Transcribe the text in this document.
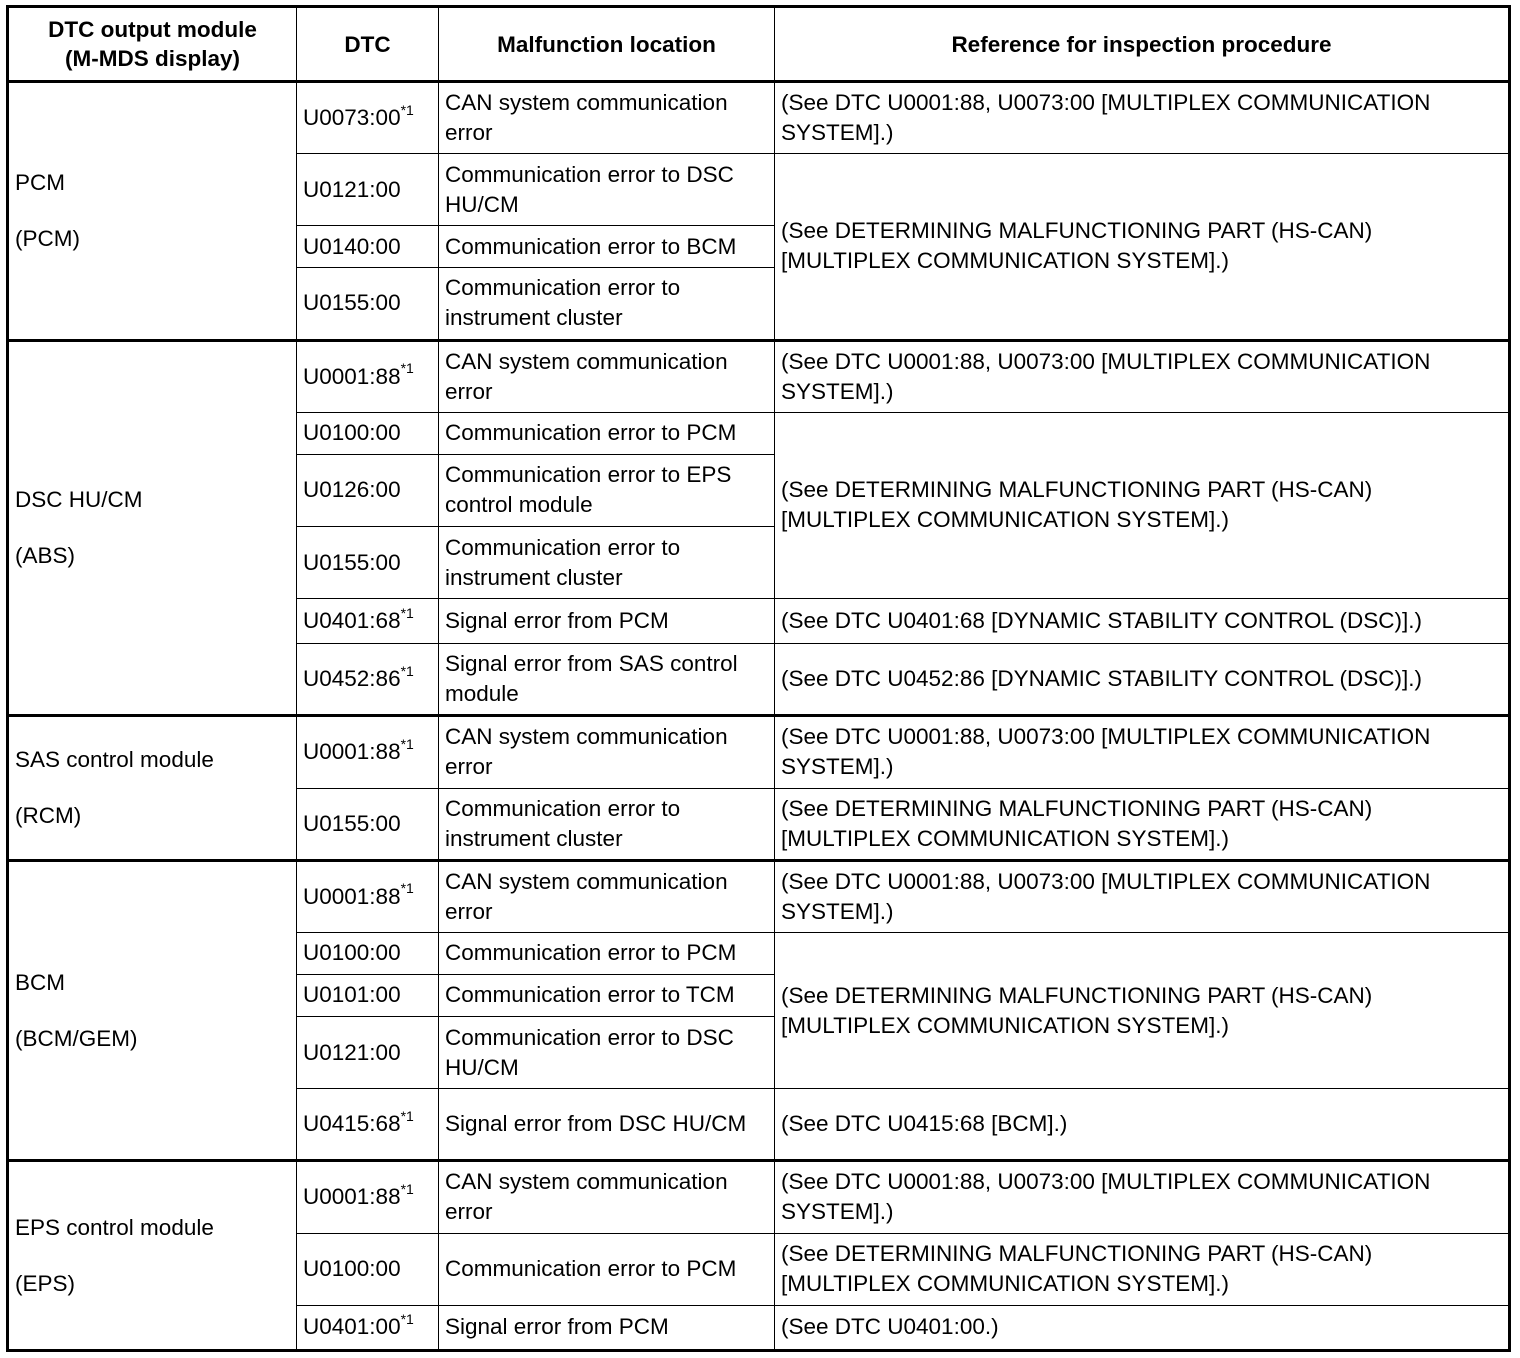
DTC output module
(M-MDS display)	DTC	Malfunction location	Reference for inspection procedure

PCM
(PCM)	U0073:00$^{*1}$	CAN system communication error	(See DTC U0001:88, U0073:00 [MULTIPLEX COMMUNICATION SYSTEM].)
	U0121:00	Communication error to DSC HU/CM	(See DETERMINING MALFUNCTIONING PART (HS-CAN) [MULTIPLEX COMMUNICATION SYSTEM].)
	U0140:00	Communication error to BCM	
	U0155:00	Communication error to instrument cluster	

DSC HU/CM
(ABS)	U0001:88$^{*1}$	CAN system communication error	(See DTC U0001:88, U0073:00 [MULTIPLEX COMMUNICATION SYSTEM].)
	U0100:00	Communication error to PCM	(See DETERMINING MALFUNCTIONING PART (HS-CAN) [MULTIPLEX COMMUNICATION SYSTEM].)
	U0126:00	Communication error to EPS control module	
	U0155:00	Communication error to instrument cluster	
	U0401:68$^{*1}$	Signal error from PCM	(See DTC U0401:68 [DYNAMIC STABILITY CONTROL (DSC)].)
	U0452:86$^{*1}$	Signal error from SAS control module	(See DTC U0452:86 [DYNAMIC STABILITY CONTROL (DSC)].)

SAS control module
(RCM)	U0001:88$^{*1}$	CAN system communication error	(See DTC U0001:88, U0073:00 [MULTIPLEX COMMUNICATION SYSTEM].)
	U0155:00	Communication error to instrument cluster	(See DETERMINING MALFUNCTIONING PART (HS-CAN) [MULTIPLEX COMMUNICATION SYSTEM].)

BCM
(BCM/GEM)	U0001:88$^{*1}$	CAN system communication error	(See DTC U0001:88, U0073:00 [MULTIPLEX COMMUNICATION SYSTEM].)
	U0100:00	Communication error to PCM	(See DETERMINING MALFUNCTIONING PART (HS-CAN) [MULTIPLEX COMMUNICATION SYSTEM].)
	U0101:00	Communication error to TCM	
	U0121:00	Communication error to DSC HU/CM	
	U0415:68$^{*1}$	Signal error from DSC HU/CM	(See DTC U0415:68 [BCM].)

EPS control module
(EPS)	U0001:88$^{*1}$	CAN system communication error	(See DTC U0001:88, U0073:00 [MULTIPLEX COMMUNICATION SYSTEM].)
	U0100:00	Communication error to PCM	(See DETERMINING MALFUNCTIONING PART (HS-CAN) [MULTIPLEX COMMUNICATION SYSTEM].)
	U0401:00$^{*1}$	Signal error from PCM	(See DTC U0401:00.)
